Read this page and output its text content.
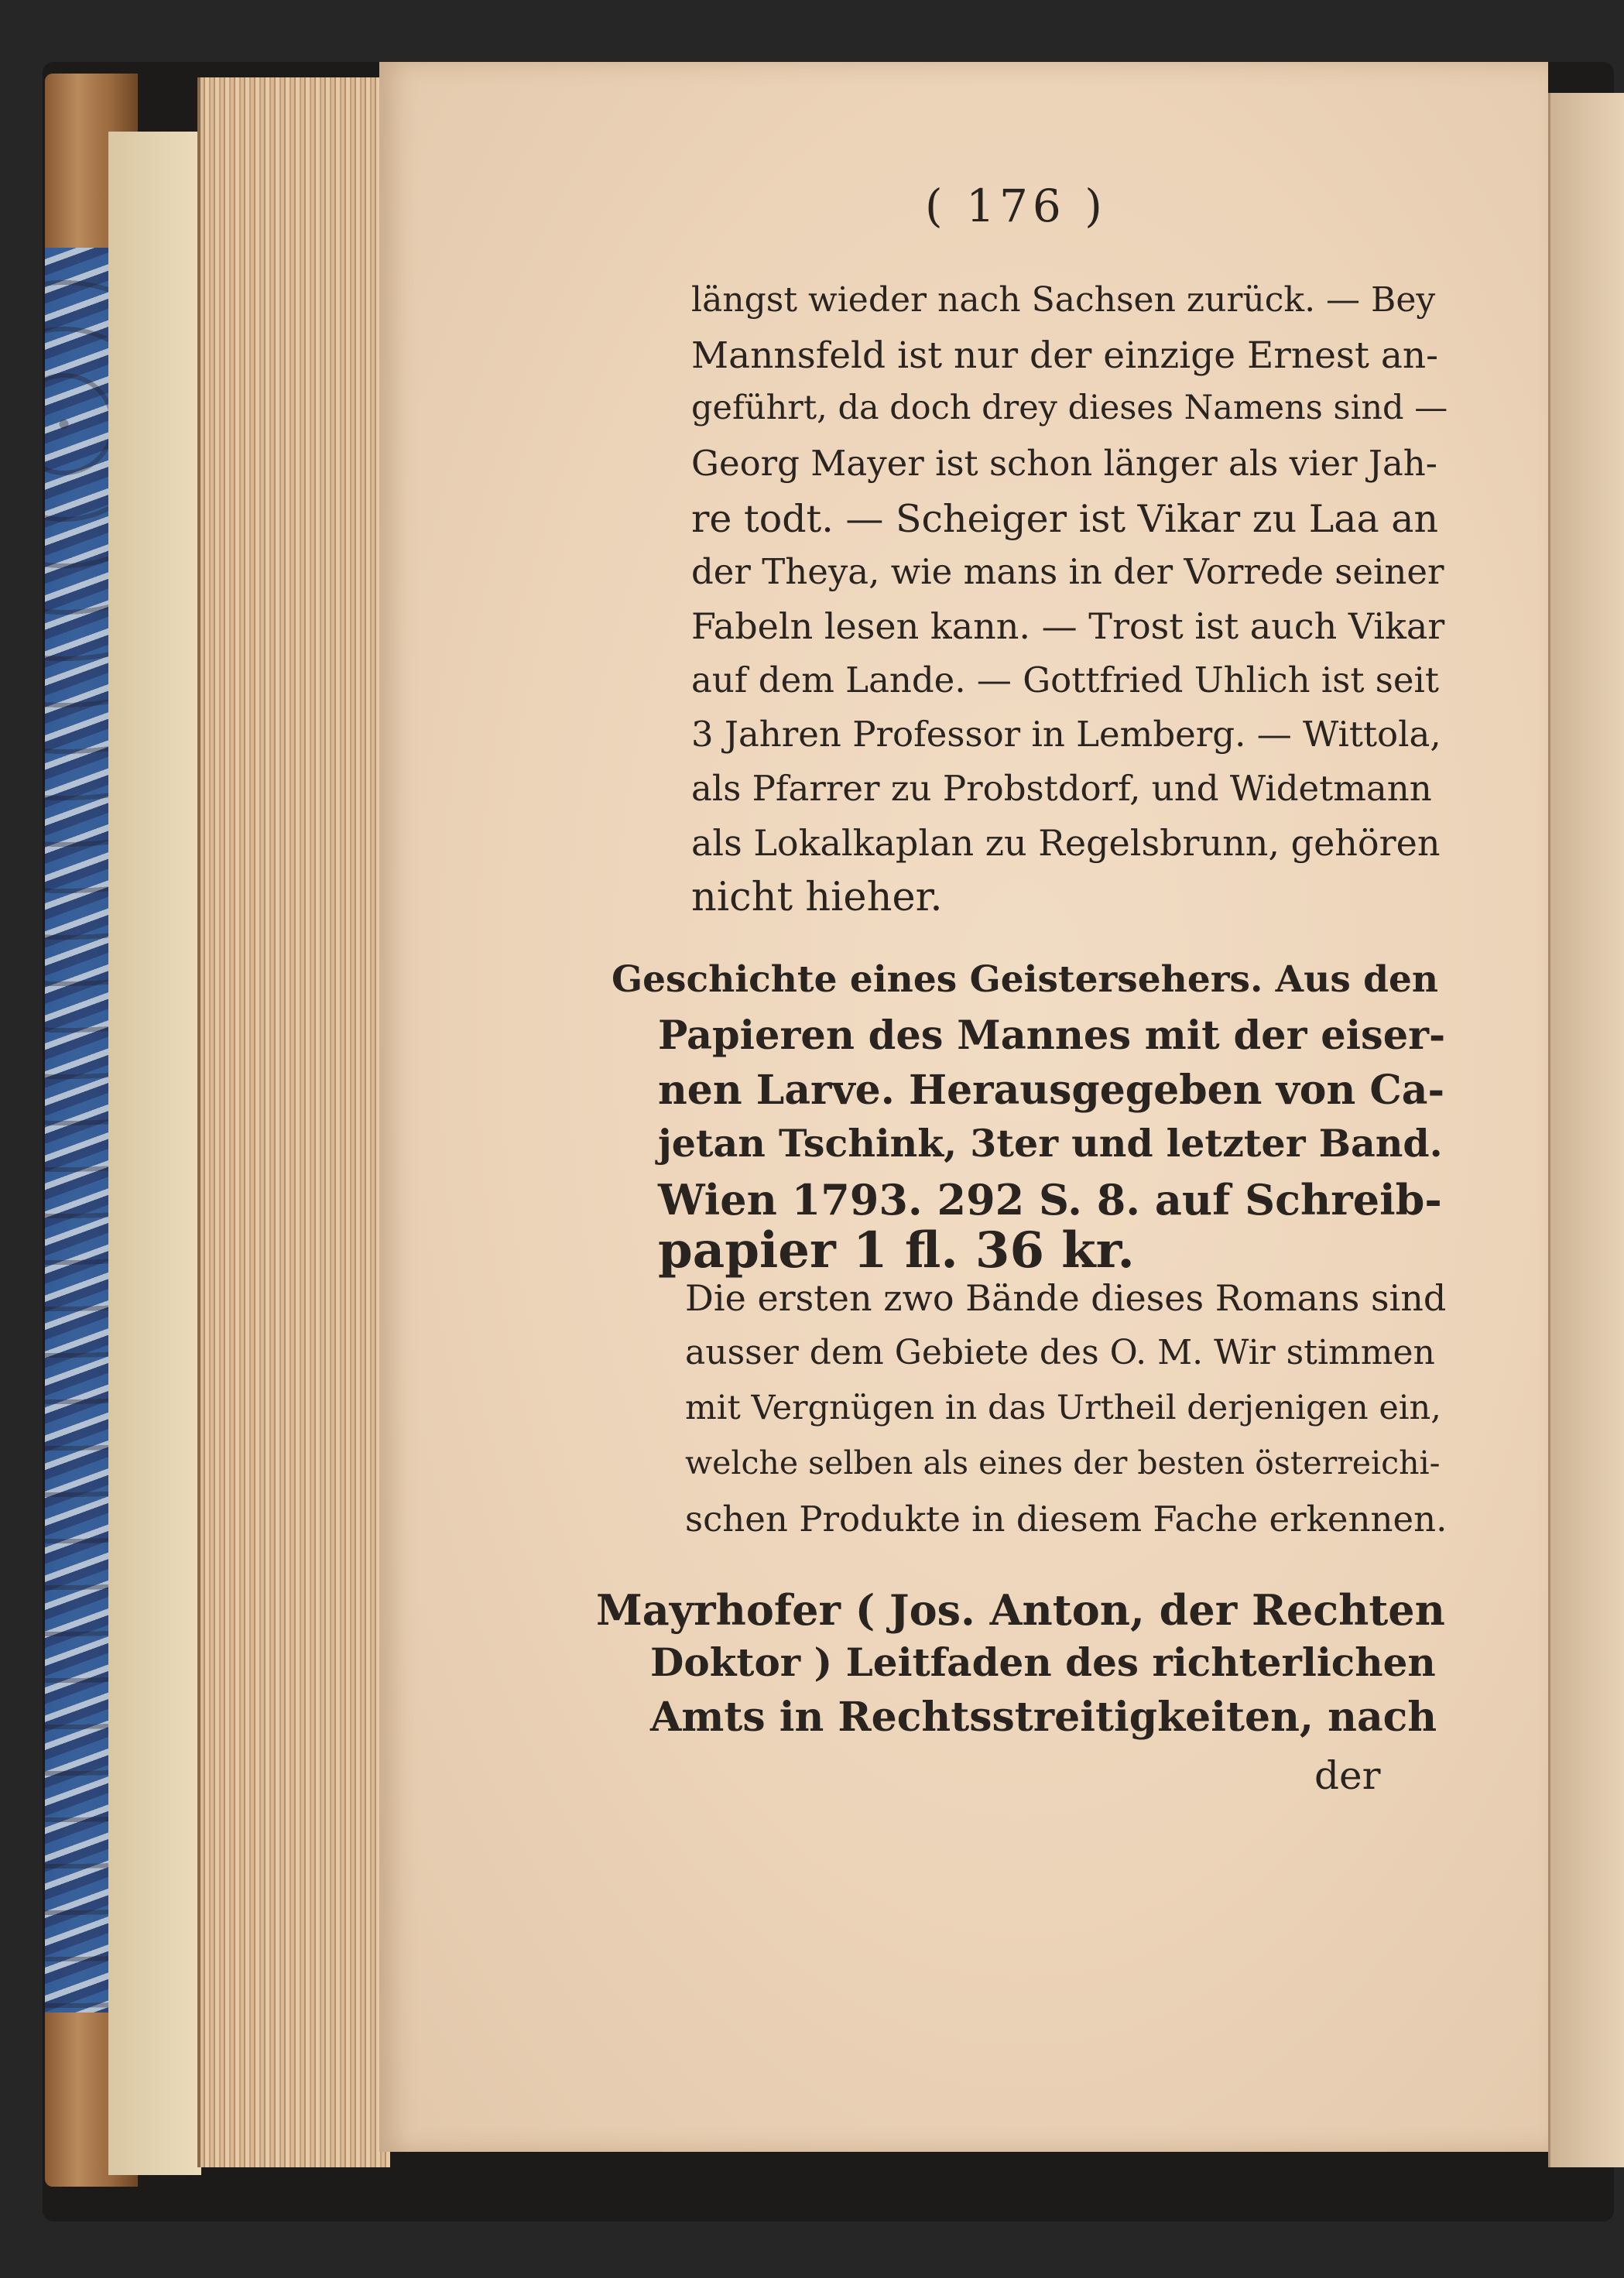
( 176 )

längst wieder nach Sachsen zurück. — Bey

Mannsfeld ist nur der einzige Ernest an-

geführt, da doch drey dieses Namens sind —

Georg Mayer ist schon länger als vier Jah-

re todt. — Scheiger ist Vikar zu Laa an

der Theya, wie mans in der Vorrede seiner

Fabeln lesen kann. — Trost ist auch Vikar

auf dem Lande. — Gottfried Uhlich ist seit

3 Jahren Professor in Lemberg. — Wittola,

als Pfarrer zu Probstdorf, und Widetmann

als Lokalkaplan zu Regelsbrunn, gehören

nicht hieher.

Geschichte eines Geistersehers. Aus den

Papieren des Mannes mit der eiser-

nen Larve. Herausgegeben von Ca-

jetan Tschink, 3ter und letzter Band.

Wien 1793. 292 S. 8. auf Schreib-

papier 1 fl. 36 kr.

Die ersten zwo Bände dieses Romans sind

ausser dem Gebiete des O. M. Wir stimmen

mit Vergnügen in das Urtheil derjenigen ein,

welche selben als eines der besten österreichi-

schen Produkte in diesem Fache erkennen.

Mayrhofer ( Jos. Anton, der Rechten

Doktor ) Leitfaden des richterlichen

Amts in Rechtsstreitigkeiten, nach

der
